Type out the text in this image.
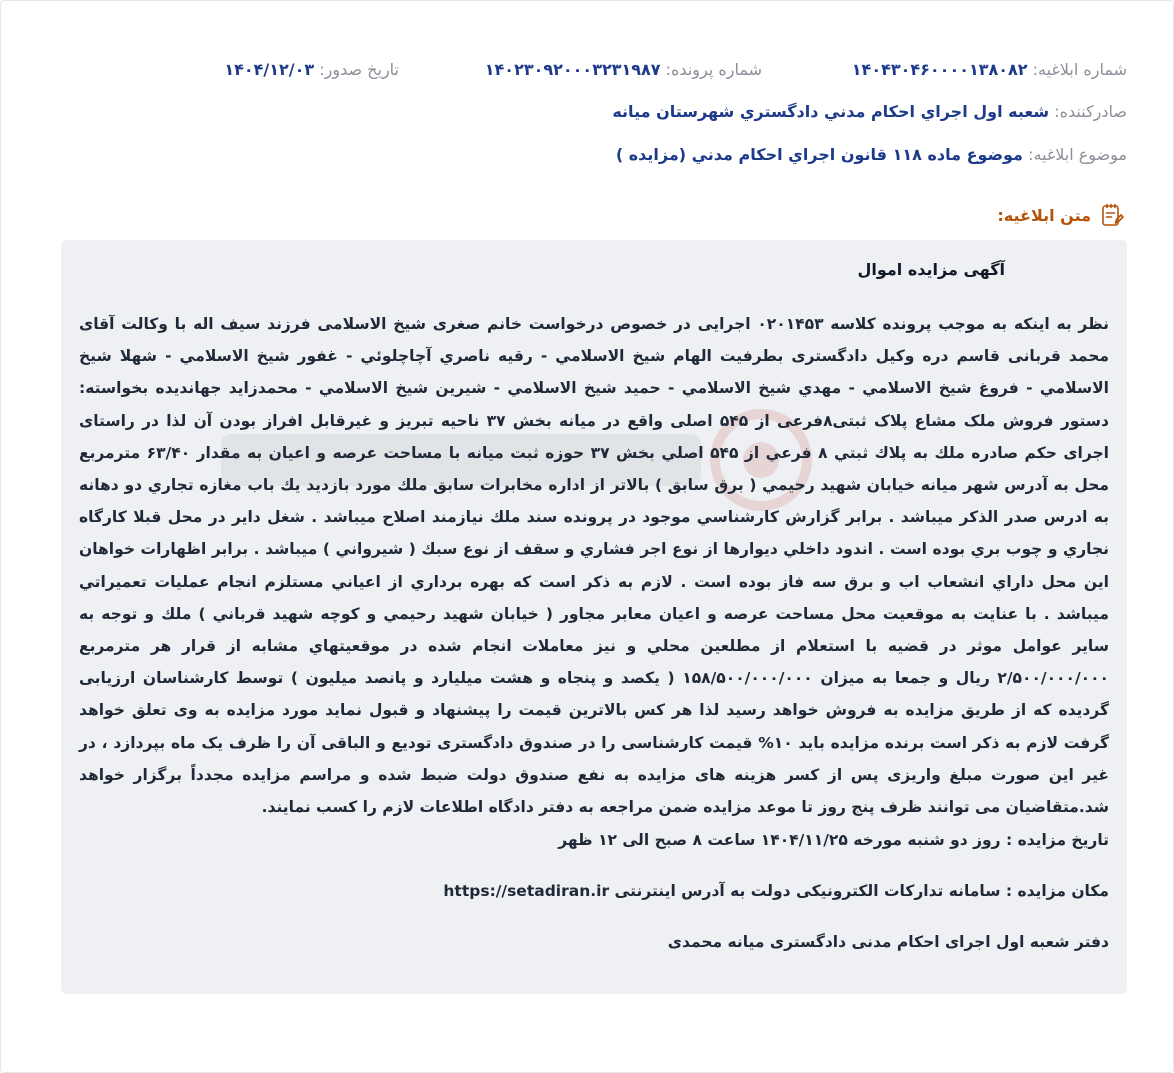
شماره ابلاغیه: ۱۴۰۴۳۰۴۶۰۰۰۰۱۳۸۰۸۲
شماره پرونده: ۱۴۰۲۳۰۹۲۰۰۰۳۲۳۱۹۸۷
تاریخ صدور: ۱۴۰۴/۱۲/۰۳
صادرکننده: شعبه اول اجراي احكام مدني دادگستري شهرستان ميانه
موضوع ابلاغیه: موضوع ماده ۱۱۸ قانون اجراي احكام مدني (مزايده )
متن ابلاغیه:
آگهی مزایده اموال

نظر به اینکه به موجب پرونده کلاسه ۰۲۰۱۴۵۳ اجرایی در خصوص درخواست خانم صغری شیخ الاسلامی فرزند سیف اله با وکالت آقای محمد قربانی قاسم دره وکیل دادگستری بطرفیت الهام شيخ الاسلامي - رقيه ناصري آچاچلوئي - غفور شيخ الاسلامي - شهلا شيخ الاسلامي - فروغ شيخ الاسلامي - مهدي شيخ الاسلامي - حميد شيخ الاسلامي - شيرين شيخ الاسلامي - محمدزايد جهانديده بخواسته: دستور فروش ملک مشاع پلاک ثبتی۸فرعی از ۵۴۵ اصلی واقع در میانه بخش ۳۷ ناحیه تبریز و غيرقابل افراز بودن آن لذا در راستای اجرای حکم صادره ملك به پلاك ثبتي ۸ فرعي از ۵۴۵ اصلي بخش ۳۷ حوزه ثبت ميانه با مساحت عرصه و اعيان به مقدار ۶۳/۴۰ مترمربع محل به آدرس شهر ميانه خيابان شهيد رحيمي ( برق سابق ) بالاتر از اداره مخابرات سابق ملك مورد بازديد يك باب مغازه تجاري دو دهانه به ادرس صدر الذكر ميباشد . برابر گزارش كارشناسي موجود در پرونده سند ملك نيازمند اصلاح ميباشد . شغل داير در محل قبلا كارگاه نجاري و چوب بري بوده است . اندود داخلي ديوارها از نوع اجر فشاري و سقف از نوع سبك ( شيرواني ) ميباشد . برابر اظهارات خواهان اين محل داراي انشعاب اب و برق سه فاز بوده است . لازم به ذكر است كه بهره برداري از اعياني مستلزم انجام عمليات تعميراتي ميباشد . با عنايت به موقعيت محل مساحت عرصه و اعيان معابر مجاور ( خيابان شهيد رحيمي و كوچه شهيد قرباني ) ملك و توجه به ساير عوامل موثر در قضيه با استعلام از مطلعين محلي و نيز معاملات انجام شده در موقعيتهاي مشابه از قرار هر مترمربع ۲/۵۰۰/۰۰۰/۰۰۰ ريال و جمعا به ميزان ۱۵۸/۵۰۰/۰۰۰/۰۰۰ ( يكصد و پنجاه و هشت ميليارد و پانصد ميليون ) توسط کارشناسان ارزیابی گردیده که از طریق مزایده به فروش خواهد رسید لذا هر کس بالاترین قیمت را پیشنهاد و قبول نماید مورد مزایده به وی تعلق خواهد گرفت لازم به ذکر است برنده مزایده باید ۱۰% قیمت کارشناسی را در صندوق دادگستری تودیع و الباقی آن را ظرف یک ماه بپردازد ، در غیر این صورت مبلغ واریزی پس از کسر هزینه های مزایده به نفع صندوق دولت ضبط شده و مراسم مزایده مجدداً برگزار خواهد شد.متقاضیان می توانند ظرف پنج روز تا موعد مزایده ضمن مراجعه به دفتر دادگاه اطلاعات لازم را کسب نمایند.

تاریخ مزایده : روز دو شنبه مورخه ۱۴۰۴/۱۱/۲۵ ساعت ۸ صبح الی ۱۲ ظهر

مکان مزایده : سامانه تدارکات الکترونیکی دولت به آدرس اینترنتی https://setadiran.ir

دفتر شعبه اول اجرای احکام مدنی دادگستری میانه محمدی
